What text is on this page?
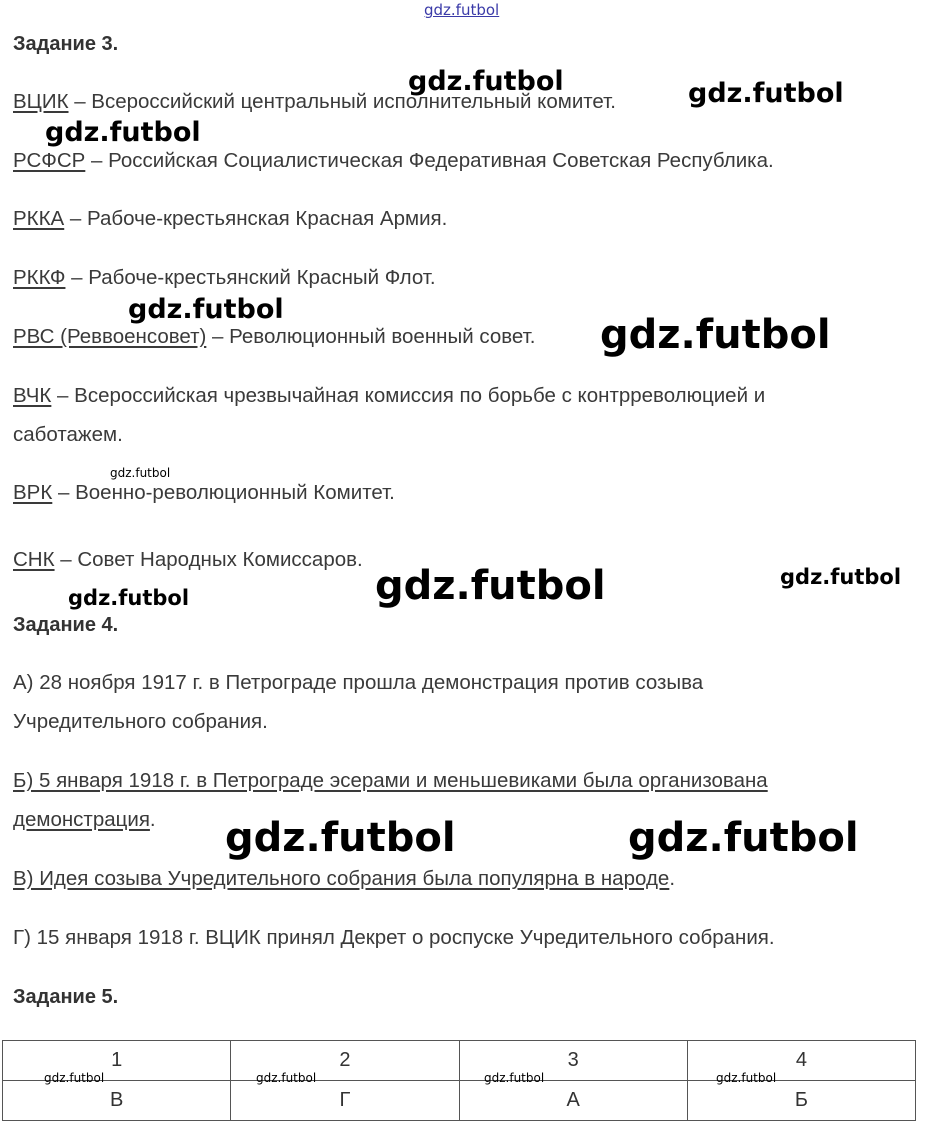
gdz.futbol
gdz.futbol	gdz.futbol
gdz.futbol
gdz.futbol
gdz.futbol
gdz.futbol
gdz.futbol	gdz.futbol
gdz.futbol
gdz.futbol	gdz.futbol
Задание 3.

ВЦИК – Всероссийский центральный исполнительный комитет.

РСФСР – Российская Социалистическая Федеративная Советская Республика.

РККА – Рабоче-крестьянская Красная Армия.

РККФ – Рабоче-крестьянский Красный Флот.

РВС (Реввоенсовет) – Революционный военный совет.

ВЧК – Всероссийская чрезвычайная комиссия по борьбе с контрреволюцией и

саботажем.

ВРК – Военно-революционный Комитет.

СНК – Совет Народных Комиссаров.

Задание 4.

А) 28 ноября 1917 г. в Петрограде прошла демонстрация против созыва

Учредительного собрания.

Б) 5 января 1918 г. в Петрограде эсерами и меньшевиками была организована

демонстрация.

В) Идея созыва Учредительного собрания была популярна в народе.

Г) 15 января 1918 г. ВЦИК принял Декрет о роспуске Учредительного собрания.

Задание 5.
1	2	3	4
В	Г	А	Б
gdz.futbol	gdz.futbol	gdz.futbol	gdz.futbol
